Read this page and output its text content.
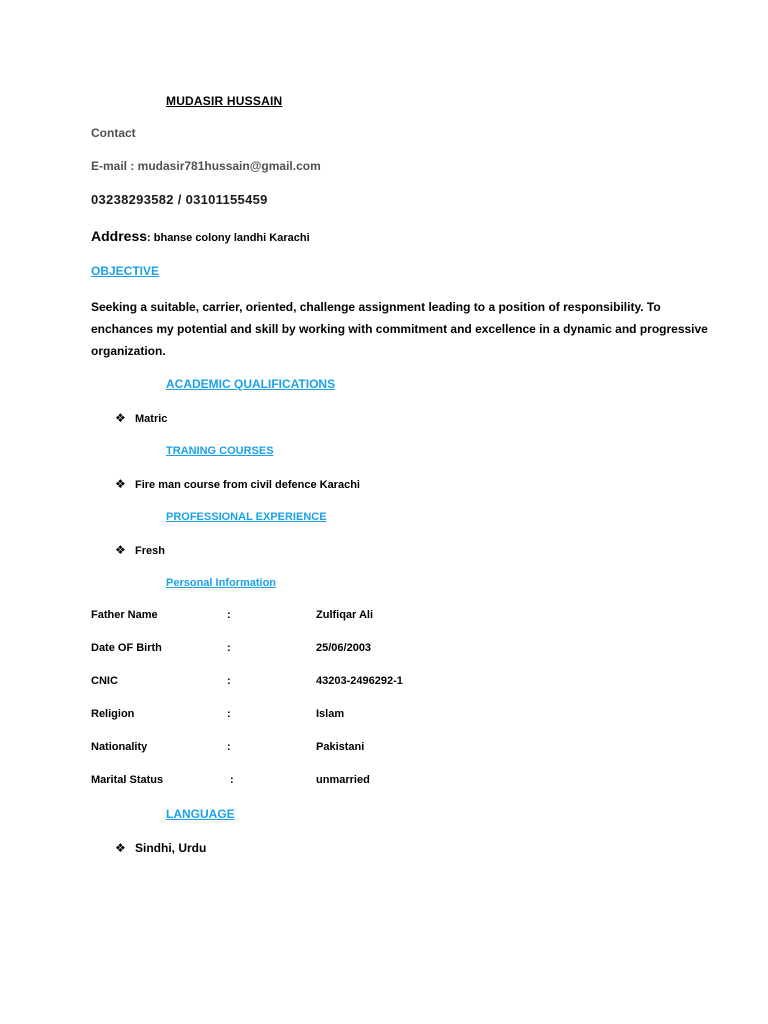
MUDASIR HUSSAIN
Contact
E-mail : mudasir781hussain@gmail.com
03238293582 / 03101155459
Address: bhanse colony landhi Karachi
OBJECTIVE
Seeking a suitable, carrier, oriented, challenge assignment leading to a position of responsibility. To enchances my potential and skill by working with commitment and excellence in a dynamic and progressive organization.
ACADEMIC QUALIFICATIONS
❖ Matric
TRANING COURSES
❖ Fire man course from civil defence Karachi
PROFESSIONAL EXPERIENCE
❖ Fresh
Personal Information
Father Name	:	Zulfiqar Ali
Date OF Birth	:	25/06/2003
CNIC	:	43203-2496292-1
Religion	:	Islam
Nationality	:	Pakistani
Marital Status	:	unmarried
LANGUAGE
❖ Sindhi, Urdu
